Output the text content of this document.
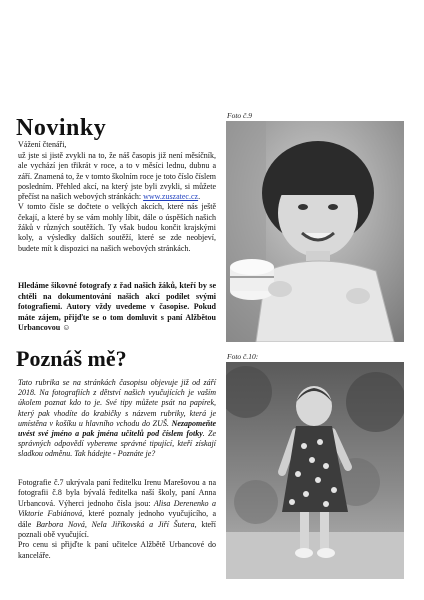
Novinky
Vážení čtenáři,
už jste si jistě zvykli na to, že náš časopis již není měsíčník, ale vychází jen třikrát v roce, a to v měsíci lednu, dubnu a září. Znamená to, že v tomto školním roce je toto číslo číslem posledním. Přehled akcí, na který jste byli zvykli, si můžete přečíst na našich webových stránkách: www.zuszatec.cz.
V tomto čísle se dočtete o velkých akcích, které nás ještě čekají, a které by se vám mohly líbit, dále o úspěších našich žáků v různých soutěžích. Ty však budou končit krajskými koly, a výsledky dalších soutěží, které se zde neobjeví, budete mít k dispozici na našich webových stránkách.
Hledáme šikovné fotografy z řad našich žáků, kteří by se chtěli na dokumentování našich akcí podílet svými fotografiemi. Autory vždy uvedeme v časopise. Pokud máte zájem, přijďte se o tom domluvit s paní Alžbětou Urbancovou ☺
Poznáš mě?
Tato rubrika se na stránkách časopisu objevuje již od září 2018. Na fotografiích z dětství našich vyučujících je vaším úkolem poznat kdo to je. Své tipy můžete psát na papírek, který pak vhodíte do krabičky s názvem rubriky, která je umístěna v košíku u hlavního vchodu do ZUŠ. Nezapomeňte uvést své jméno a pak jména učitelů pod číslem fotky. Ze správných odpovědí vybereme správné tipující, kteří získají sladkou odměnu. Tak hádejte - Poznáte je?
Fotografie č.7 ukrývala paní ředitelku Irenu Marešovou a na fotografii č.8 byla bývalá ředitelka naší školy, paní Anna Urbancová. Výherci jednoho čísla jsou: Alisa Derenenko a Viktorie Fabiánová, které poznaly jednoho vyučujícího, a dále Barbora Nová, Nela Jiříkovská a Jiří Šutera, kteří poznali obě vyučující.
Pro cenu si přijďte k paní učitelce Alžbětě Urbancové do kanceláře.
Foto č.9
Foto č.10:
